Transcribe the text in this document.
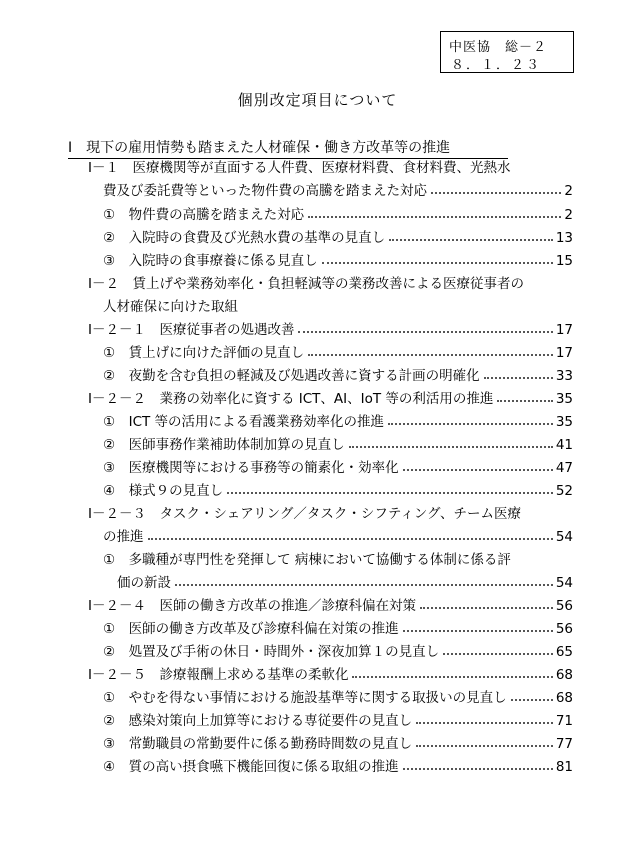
中医協　総－２
８．１．２３
個別改定項目について
Ⅰ　現下の雇用情勢も踏まえた人材確保・働き方改革等の推進
Ⅰ－１　医療機関等が直面する人件費、医療材料費、食材料費、光熱水
費及び委託費等といった物件費の高騰を踏まえた対応	2
①　物件費の高騰を踏まえた対応	2
②　入院時の食費及び光熱水費の基準の見直し	13
③　入院時の食事療養に係る見直し	15
Ⅰ－２　賃上げや業務効率化・負担軽減等の業務改善による医療従事者の
人材確保に向けた取組
Ⅰ－２－１　医療従事者の処遇改善	17
①　賃上げに向けた評価の見直し	17
②　夜勤を含む負担の軽減及び処遇改善に資する計画の明確化	33
Ⅰ－２－２　業務の効率化に資する ICT、AI、IoT 等の利活用の推進	35
①　ICT 等の活用による看護業務効率化の推進	35
②　医師事務作業補助体制加算の見直し	41
③　医療機関等における事務等の簡素化・効率化	47
④　様式９の見直し	52
Ⅰ－２－３　タスク・シェアリング／タスク・シフティング、チーム医療
の推進	54
①　多職種が専門性を発揮して 病棟において協働する体制に係る評
価の新設	54
Ⅰ－２－４　医師の働き方改革の推進／診療科偏在対策	56
①　医師の働き方改革及び診療科偏在対策の推進	56
②　処置及び手術の休日・時間外・深夜加算１の見直し	65
Ⅰ－２－５　診療報酬上求める基準の柔軟化	68
①　やむを得ない事情における施設基準等に関する取扱いの見直し	68
②　感染対策向上加算等における専従要件の見直し	71
③　常勤職員の常勤要件に係る勤務時間数の見直し	77
④　質の高い摂食嚥下機能回復に係る取組の推進	81
